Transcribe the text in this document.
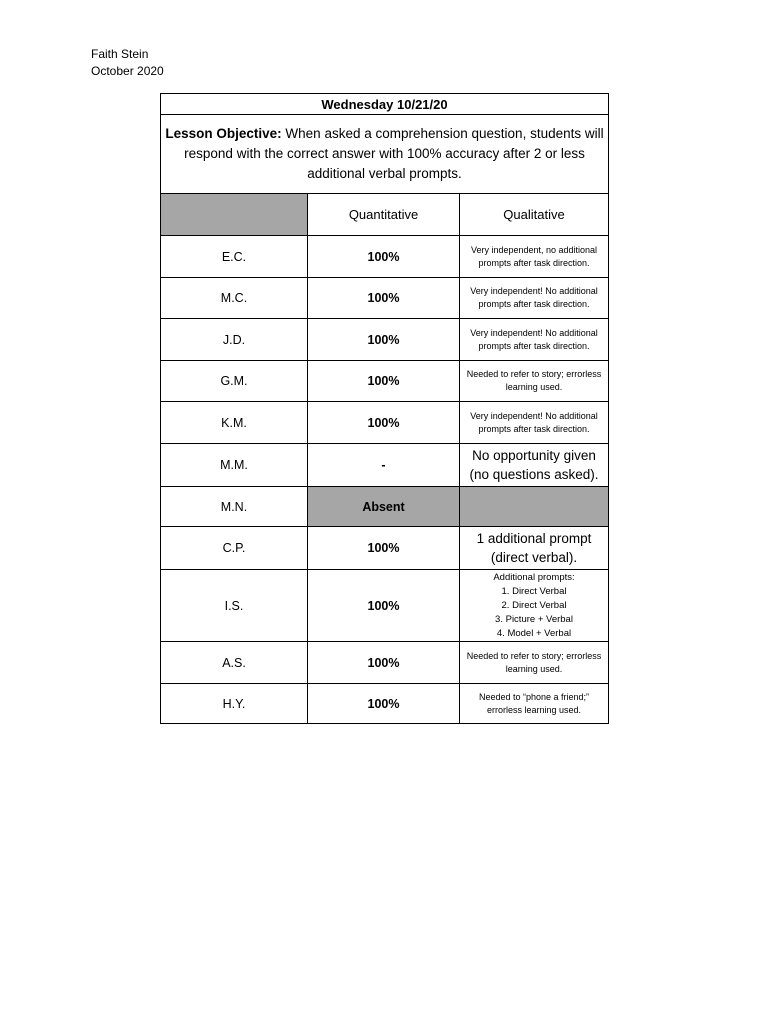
Faith Stein
October 2020
Wednesday 10/21/20		
Lesson Objective: When asked a comprehension question, students will respond with the correct answer with 100% accuracy after 2 or less additional verbal prompts.		
	Quantitative	Qualitative
E.C.	100%	Very independent, no additional prompts after task direction.
M.C.	100%	Very independent! No additional prompts after task direction.
J.D.	100%	Very independent! No additional prompts after task direction.
G.M.	100%	Needed to refer to story; errorless learning used.
K.M.	100%	Very independent! No additional prompts after task direction.
M.M.	-	No opportunity given (no questions asked).
M.N.	Absent	
C.P.	100%	1 additional prompt (direct verbal).
I.S.	100%	Additional prompts:
1. Direct Verbal
2. Direct Verbal
3. Picture + Verbal
4. Model + Verbal

A.S.	100%	Needed to refer to story; errorless learning used.
H.Y.	100%	Needed to “phone a friend;” errorless learning used.
